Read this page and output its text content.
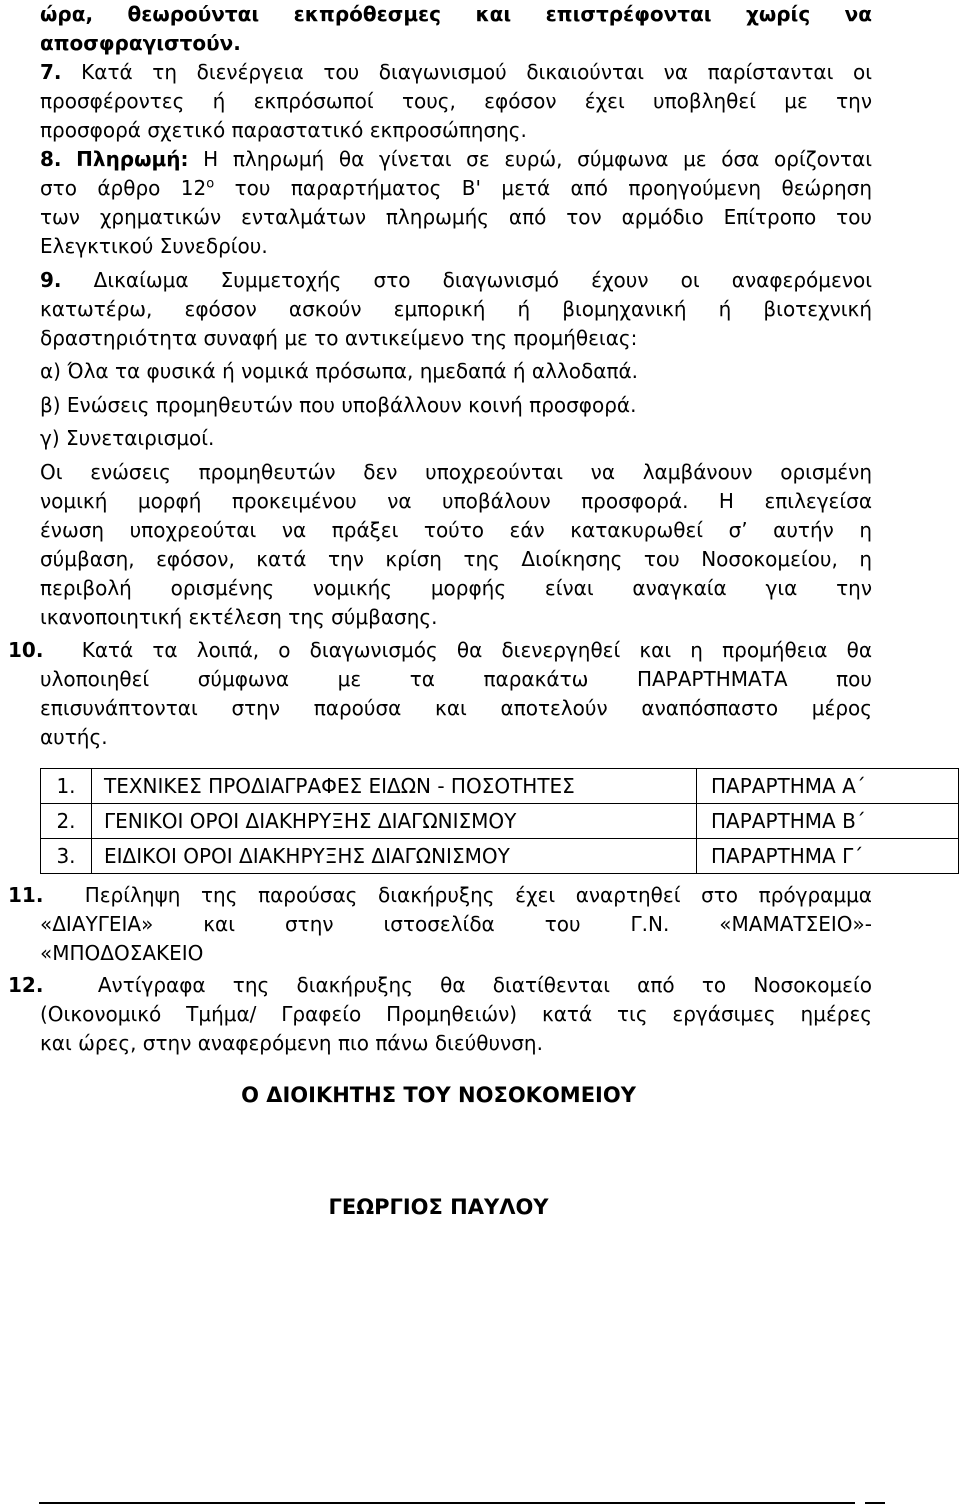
ώρα, θεωρούνται εκπρόθεσμες και επιστρέφονται χωρίς να

αποσφραγιστούν.

7. Κατά τη διενέργεια του διαγωνισμού δικαιούνται να παρίστανται οι

προσφέροντες ή εκπρόσωποί τους, εφόσον έχει υποβληθεί με την

προσφορά σχετικό παραστατικό εκπροσώπησης.

8. Πληρωμή: Η πληρωμή θα γίνεται σε ευρώ, σύμφωνα με όσα ορίζονται

στο άρθρο $12^o$ του παραρτήματος Β' μετά από προηγούμενη θεώρηση

των χρηματικών ενταλμάτων πληρωμής από τον αρμόδιο Επίτροπο του

Ελεγκτικού Συνεδρίου.

9. Δικαίωμα Συμμετοχής στο διαγωνισμό έχουν οι αναφερόμενοι

κατωτέρω, εφόσον ασκούν εμπορική ή βιομηχανική ή βιοτεχνική

δραστηριότητα συναφή με το αντικείμενο της προμήθειας:

α) Όλα τα φυσικά ή νομικά πρόσωπα, ημεδαπά ή αλλοδαπά.

β) Ενώσεις προμηθευτών που υποβάλλουν κοινή προσφορά.

γ) Συνεταιρισμοί.

Οι ενώσεις προμηθευτών δεν υποχρεούνται να λαμβάνουν ορισμένη

νομική μορφή προκειμένου να υποβάλουν προσφορά. Η επιλεγείσα

ένωση υποχρεούται να πράξει τούτο εάν κατακυρωθεί σ’ αυτήν η

σύμβαση, εφόσον, κατά την κρίση της Διοίκησης του Νοσοκομείου, η

περιβολή ορισμένης νομικής μορφής είναι αναγκαία για την

ικανοποιητική εκτέλεση της σύμβασης.

10. Κατά τα λοιπά, ο διαγωνισμός θα διενεργηθεί και η προμήθεια θα

υλοποιηθεί σύμφωνα με τα παρακάτω ΠΑΡΑΡΤΗΜΑΤΑ που

επισυνάπτονται στην παρούσα και αποτελούν αναπόσπαστο μέρος

αυτής.

1.	ΤΕΧΝΙΚΕΣ ΠΡΟΔΙΑΓΡΑΦΕΣ ΕΙΔΩΝ - ΠΟΣΟΤΗΤΕΣ	ΠΑΡΑΡΤΗΜΑ Α΄
2.	ΓΕΝΙΚΟΙ ΟΡΟΙ ΔΙΑΚΗΡΥΞΗΣ ΔΙΑΓΩΝΙΣΜΟΥ	ΠΑΡΑΡΤΗΜΑ Β΄
3.	ΕΙΔΙΚΟΙ ΟΡΟΙ ΔΙΑΚΗΡΥΞΗΣ ΔΙΑΓΩΝΙΣΜΟΥ	ΠΑΡΑΡΤΗΜΑ Γ΄

11. Περίληψη της παρούσας διακήρυξης έχει αναρτηθεί στο πρόγραμμα

«ΔΙΑΥΓΕΙΑ» και στην ιστοσελίδα του Γ.Ν. «ΜΑΜΑΤΣΕΙΟ»-

«ΜΠΟΔΟΣΑΚΕΙΟ

12.	Αντίγραφα της διακήρυξης θα διατίθενται από το Νοσοκομείο

(Οικονομικό Τμήμα/ Γραφείο Προμηθειών) κατά τις εργάσιμες ημέρες

και ώρες, στην αναφερόμενη πιο πάνω διεύθυνση.

Ο ΔΙΟΙΚΗΤΗΣ ΤΟΥ ΝΟΣΟΚΟΜΕΙΟΥ

ΓΕΩΡΓΙΟΣ ΠΑΥΛΟΥ
